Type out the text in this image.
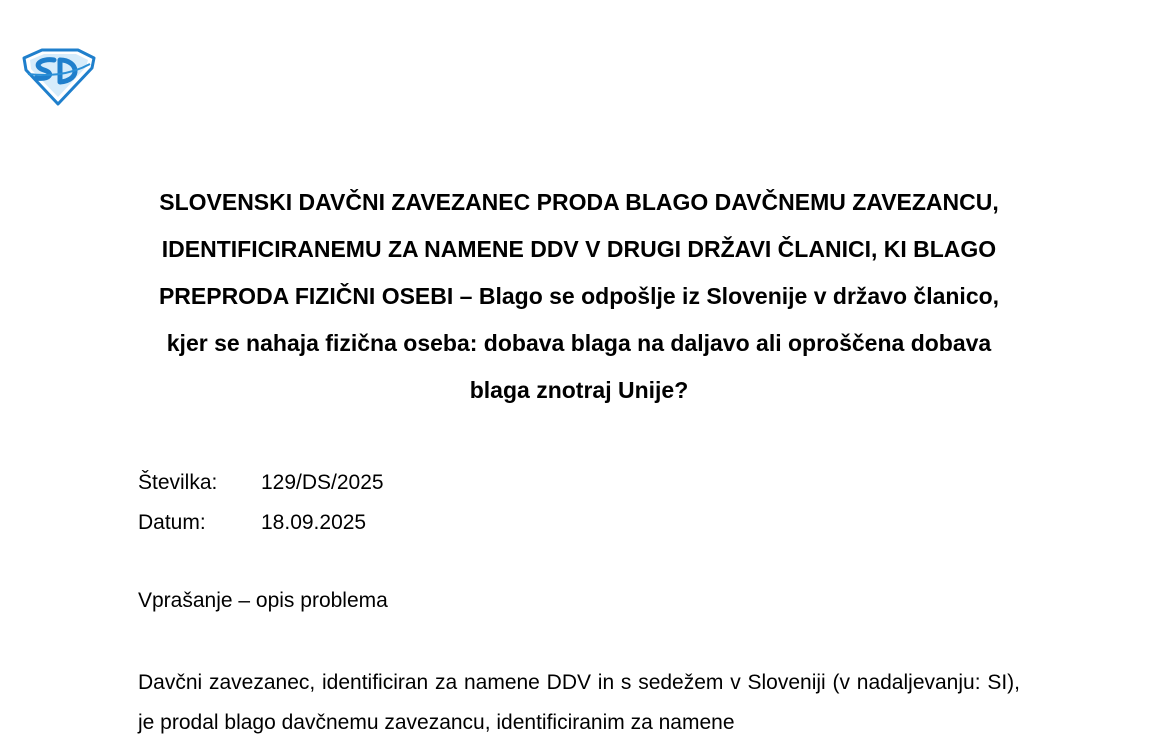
SLOVENSKI DAVČNI ZAVEZANEC PRODA BLAGO DAVČNEMU ZAVEZANCU, IDENTIFICIRANEMU ZA NAMENE DDV V DRUGI DRŽAVI ČLANICI, KI BLAGO PREPRODA FIZIČNI OSEBI – Blago se odpošlje iz Slovenije v državo članico, kjer se nahaja fizična oseba: dobava blaga na daljavo ali oproščena dobava blaga znotraj Unije?
Številka:	129/DS/2025
Datum:	18.09.2025
Vprašanje – opis problema

Davčni zavezanec, identificiran za namene DDV in s sedežem v Sloveniji (v nadaljevanju: SI), je prodal blago davčnemu zavezancu, identificiranim za namene
